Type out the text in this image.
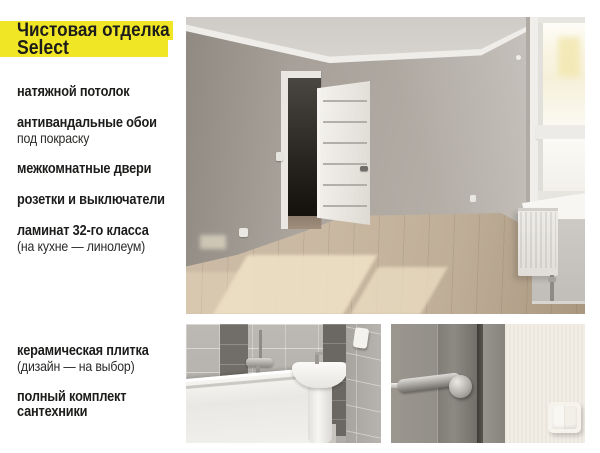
Чистовая отделка
Select
натяжной потолок
антивандальные обои
под покраску
межкомнатные двери
розетки и выключатели
ламинат 32-го класса
(на кухне — линолеум)
керамическая плитка
(дизайн — на выбор)
полный комплект сантехники
